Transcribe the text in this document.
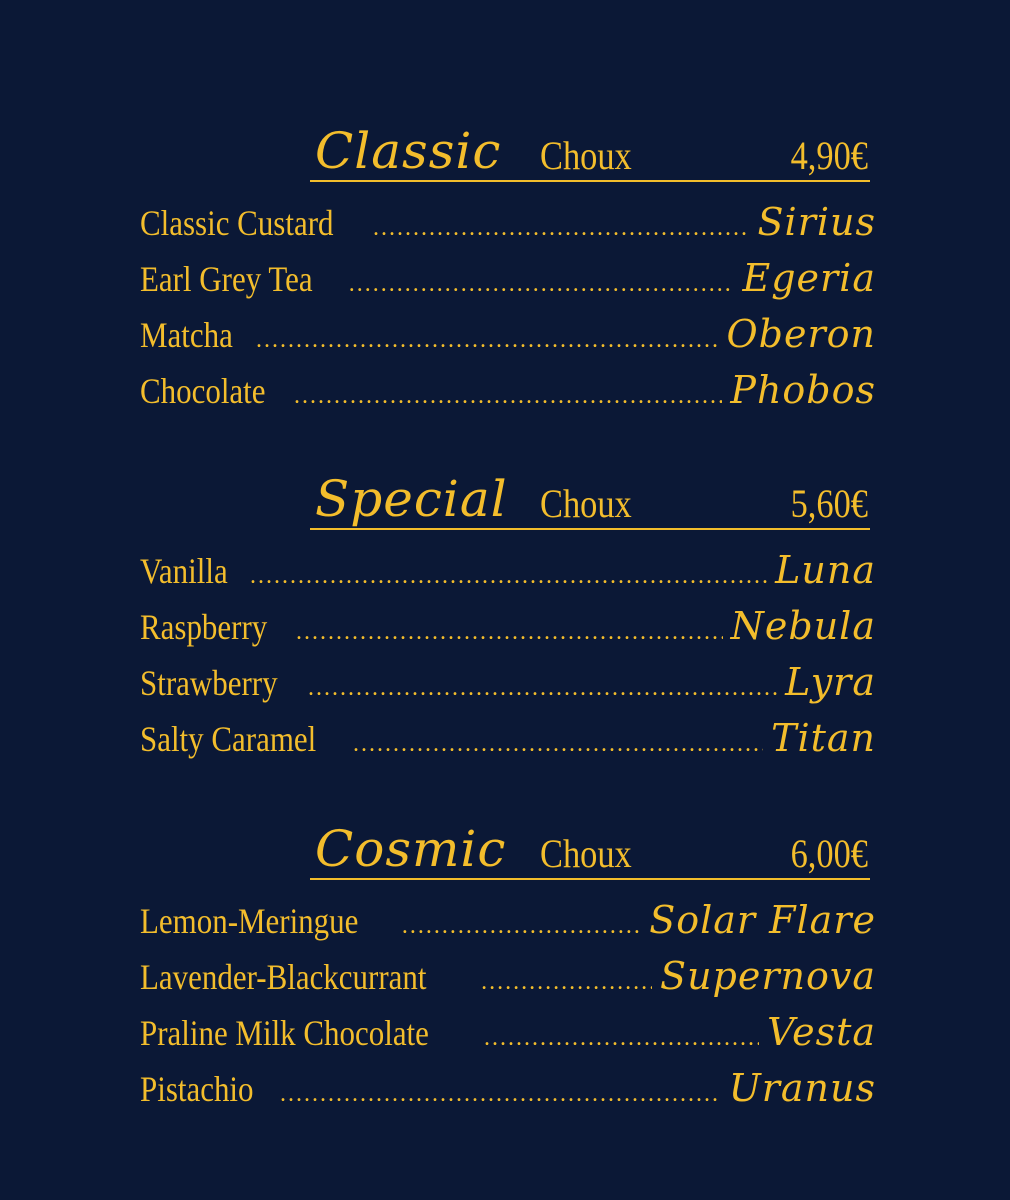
Classic Choux	4,90€
Classic Custard .....	Sirius
Earl Grey Tea .....	Egeria
Matcha .....	Oberon
Chocolate .....	Phobos
Special Choux	5,60€
Vanilla .....	Luna
Raspberry .....	Nebula
Strawberry .....	Lyra
Salty Caramel .....	Titan
Cosmic Choux	6,00€
Lemon-Meringue .....	Solar Flare
Lavender-Blackcurrant .....	Supernova
Praline Milk Chocolate .....	Vesta
Pistachio .....	Uranus
